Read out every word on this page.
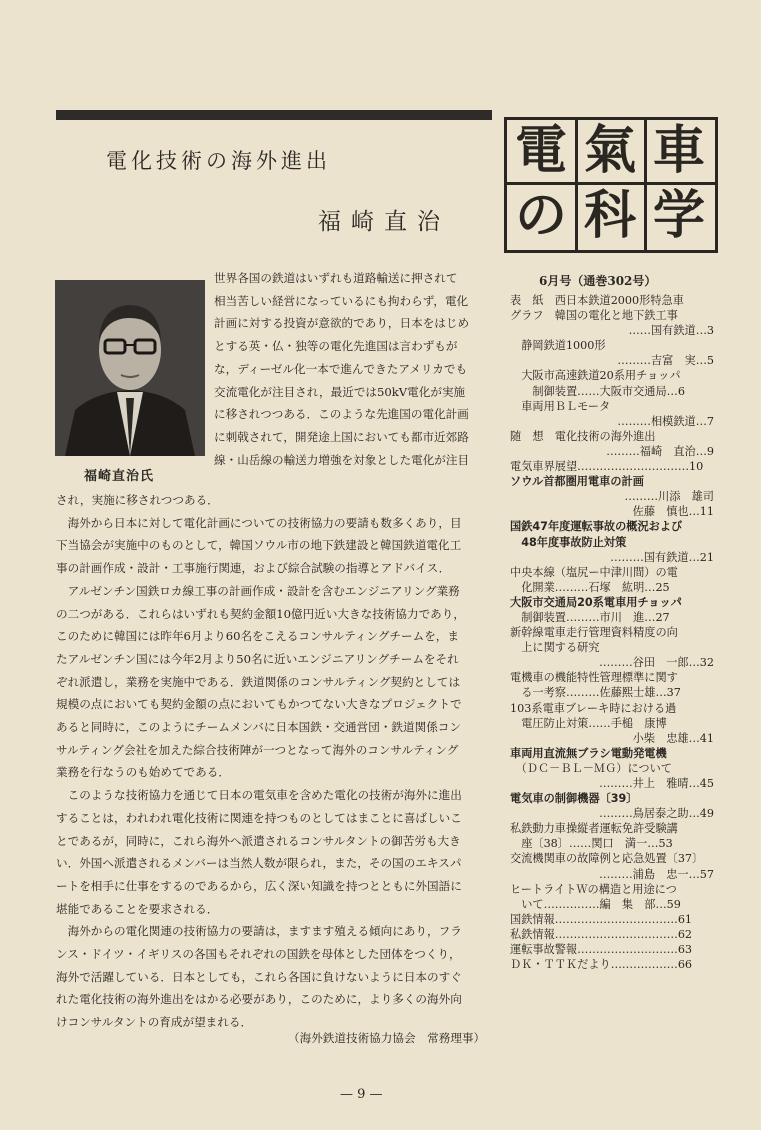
電化技術の海外進出
福崎直治
福崎直治氏
世界各国の鉄道はいずれも道路輸送に押されて
相当苦しい経営になっているにも拘わらず，電化
計画に対する投資が意欲的であり，日本をはじめ
とする英・仏・独等の電化先進国は言わずもが
な，ディーゼル化一本で進んできたアメリカでも
交流電化が注目され，最近では50kV電化が実施
に移されつつある．このような先進国の電化計画
に刺戟されて，開発途上国においても都市近郊路
線・山岳線の輸送力増強を対象とした電化が注目
され，実施に移されつつある．
　海外から日本に対して電化計画についての技術協力の要請も数多くあり，目
下当協会が実施中のものとして，韓国ソウル市の地下鉄建設と韓国鉄道電化工
事の計画作成・設計・工事施行関連，および綜合試験の指導とアドバイス．
　アルゼンチン国鉄ロカ線工事の計画作成・設計を含むエンジニアリング業務
の二つがある．これらはいずれも契約金額10億円近い大きな技術協力であり，
このために韓国には昨年6月より60名をこえるコンサルティングチームを，ま
たアルゼンチン国には今年2月より50名に近いエンジニアリングチームをそれ
ぞれ派遣し，業務を実施中である．鉄道関係のコンサルティング契約としては
規模の点においても契約金額の点においてもかつてない大きなプロジェクトで
あると同時に，このようにチームメンバに日本国鉄・交通営団・鉄道関係コン
サルティング会社を加えた綜合技術陣が一つとなって海外のコンサルティング
業務を行なうのも始めてである．
　このような技術協力を通じて日本の電気車を含めた電化の技術が海外に進出
することは，われわれ電化技術に関連を持つものとしてはまことに喜ばしいこ
とであるが，同時に，これら海外へ派遣されるコンサルタントの御苦労も大き
い．外国へ派遣されるメンバーは当然人数が限られ，また，その国のエキスパ
ートを相手に仕事をするのであるから，広く深い知識を持つとともに外国語に
堪能であることを要求される．
　海外からの電化関連の技術協力の要請は，ますます殖える傾向にあり，フラ
ンス・ドイツ・イギリスの各国もそれぞれの国鉄を母体とした団体をつくり，
海外で活躍している．日本としても，これら各国に負けないように日本のすぐ
れた電化技術の海外進出をはかる必要があり，このために，より多くの海外向
けコンサルタントの育成が望まれる．
（海外鉄道技術協力協会　常務理事）
— 9 —
電 氣 車
の 科 学
6月号（通巻302号）
表　紙　西日本鉄道2000形特急車
グラフ　韓国の電化と地下鉄工事
……国有鉄道…3
　静岡鉄道1000形
………吉富　実…5
　大阪市高速鉄道20系用チョッパ
　　制御装置……大阪市交通局…6
　車両用ＢＬモータ
………相模鉄道…7
随　想　電化技術の海外進出
………福崎　直治…9
電気車界展望…………………………10
ソウル首都圏用電車の計画
………川添　雄司
佐藤　慎也…11
国鉄47年度運転事故の概況および
　48年度事故防止対策
………国有鉄道…21
中央本線（塩尻ー中津川間）の電
　化開業………石塚　紘明…25
大阪市交通局20系電車用チョッパ
　制御装置………市川　進…27
新幹線電車走行管理資料精度の向
　上に関する研究
………谷田　一郎…32
電機車の機能特性管理標準に関す
　る一考察………佐藤熙士雄…37
103系電車ブレーキ時における過
　電圧防止対策……手槌　康博
小柴　忠雄…41
車両用直流無ブラシ電動発電機
　（ＤＣ－ＢＬ－ＭＧ）について
………井上　雅晴…45
電気車の制御機器〔39〕
………鳥居泰之助…49
私鉄動力車操縦者運転免許受験講
　座〔38〕……関口　満一…53
交流機関車の故障例と応急処置〔37〕
………浦島　忠一…57
ヒートライトＷの構造と用途につ
　いて……………編　集　部…59
国鉄情報……………………………61
私鉄情報……………………………62
運転事故警報………………………63
ＤＫ・ＴＴＫだより………………66
